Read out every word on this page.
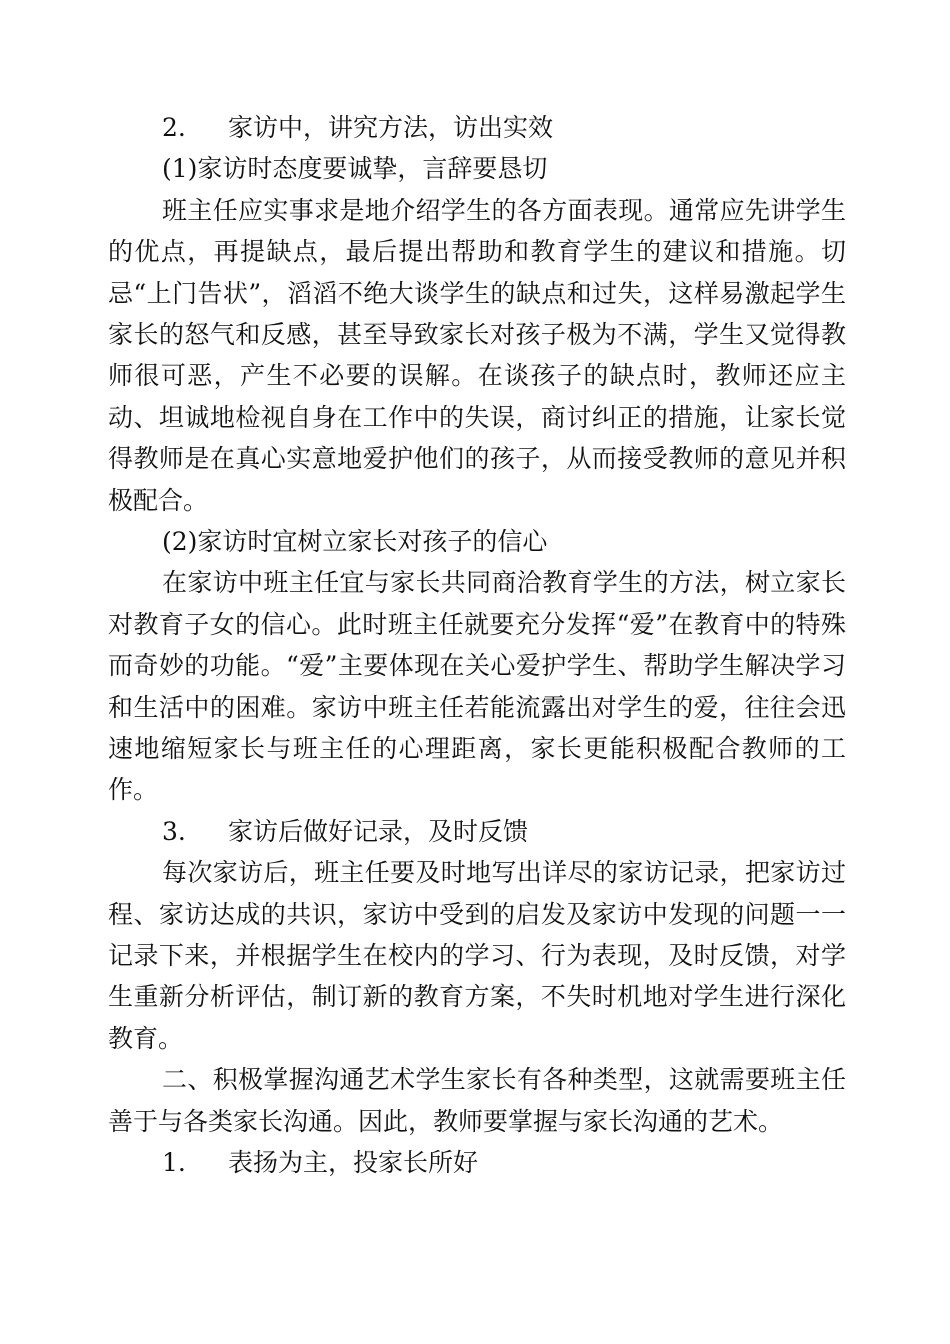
2. 家访中，讲究方法，访出实效
(1)家访时态度要诚挚，言辞要恳切

班主任应实事求是地介绍学生的各方面表现。通常应先讲学生的优点，再提缺点，最后提出帮助和教育学生的建议和措施。切忌“上门告状”，滔滔不绝大谈学生的缺点和过失，这样易激起学生家长的怒气和反感，甚至导致家长对孩子极为不满，学生又觉得教师很可恶，产生不必要的误解。在谈孩子的缺点时，教师还应主动、坦诚地检视自身在工作中的失误，商讨纠正的措施，让家长觉得教师是在真心实意地爱护他们的孩子，从而接受教师的意见并积极配合。

(2)家访时宜树立家长对孩子的信心

在家访中班主任宜与家长共同商洽教育学生的方法，树立家长对教育子女的信心。此时班主任就要充分发挥“爱”在教育中的特殊而奇妙的功能。“爱”主要体现在关心爱护学生、帮助学生解决学习和生活中的困难。家访中班主任若能流露出对学生的爱，往往会迅速地缩短家长与班主任的心理距离，家长更能积极配合教师的工作。

3. 家访后做好记录，及时反馈

每次家访后，班主任要及时地写出详尽的家访记录，把家访过程、家访达成的共识，家访中受到的启发及家访中发现的问题一一记录下来，并根据学生在校内的学习、行为表现，及时反馈，对学生重新分析评估，制订新的教育方案，不失时机地对学生进行深化教育。

二、积极掌握沟通艺术学生家长有各种类型，这就需要班主任善于与各类家长沟通。因此，教师要掌握与家长沟通的艺术。

1. 表扬为主，投家长所好
